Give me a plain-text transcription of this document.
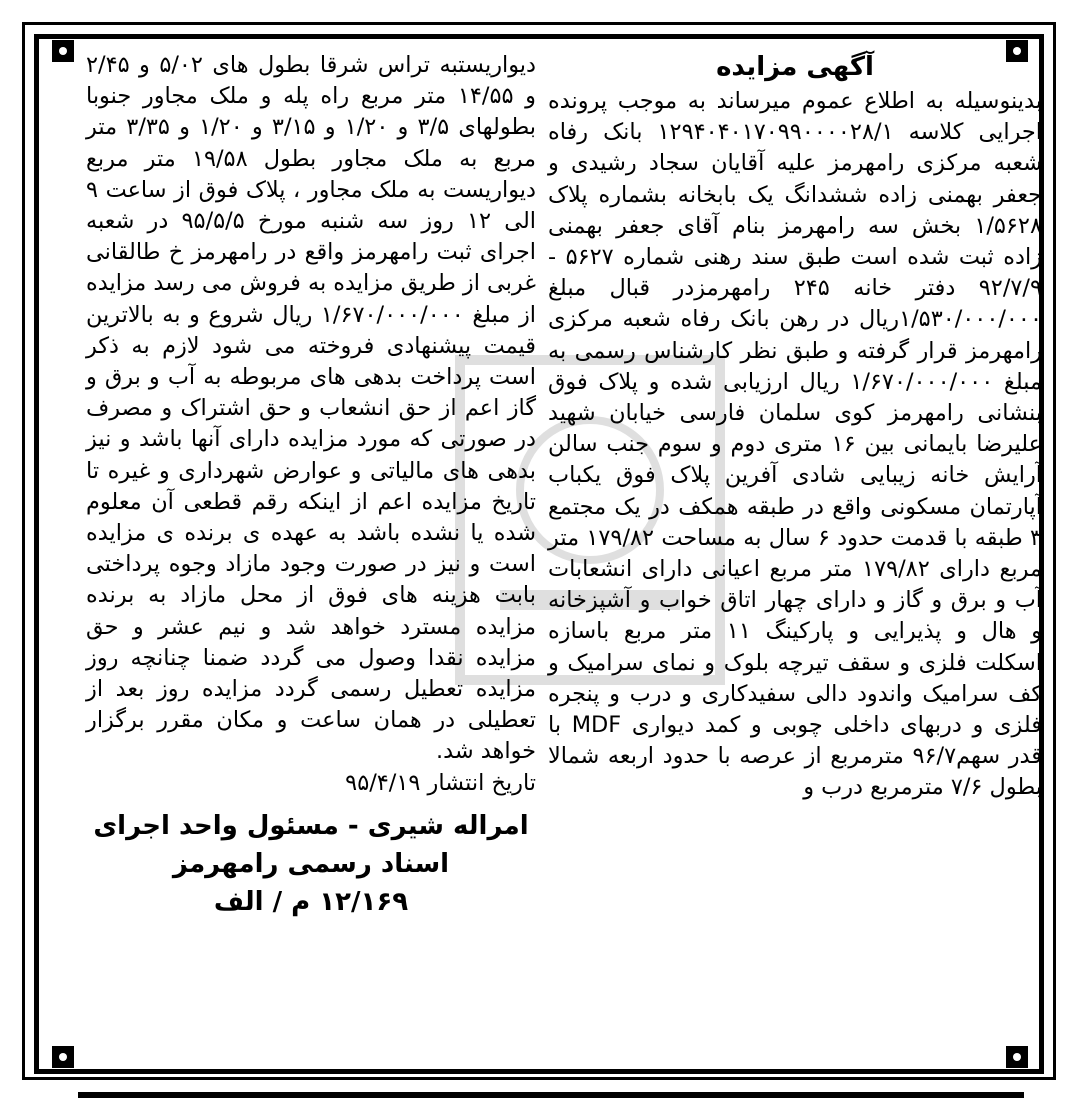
آگهی مزایده

بدینوسیله به اطلاع عموم میرساند به موجب پرونده اجرایی کلاسه ۱۲۹۴۰۴۰۱۷۰۹۹۰۰۰۰۲۸/۱ بانک رفاه شعبه مرکزی رامهرمز علیه آقایان سجاد رشیدی و جعفر بهمنی زاده ششدانگ یک بابخانه بشماره پلاک ۱/۵۶۲۸ بخش سه رامهرمز بنام آقای جعفر بهمنی زاده ثبت شده است طبق سند رهنی شماره ۵۶۲۷ - ۹۲/۷/۹ دفتر خانه ۲۴۵ رامهرمزدر قبال مبلغ ۱/۵۳۰/۰۰۰/۰۰۰ریال در رهن بانک رفاه شعبه مرکزی رامهرمز قرار گرفته و طبق نظر کارشناس رسمی به مبلغ ۱/۶۷۰/۰۰۰/۰۰۰ ریال ارزیابی شده و پلاک فوق بنشانی رامهرمز کوی سلمان فارسی خیابان شهید علیرضا بایمانی بین ۱۶ متری دوم و سوم جنب سالن آرایش خانه زیبایی شادی آفرین پلاک فوق یکباب آپارتمان مسکونی واقع در طبقه همکف در یک مجتمع ۳ طبقه با قدمت حدود ۶ سال به مساحت ۱۷۹/۸۲ متر مربع دارای ۱۷۹/۸۲ متر مربع اعیانی دارای انشعابات آب و برق و گاز و دارای چهار اتاق خواب و آشپزخانه و هال و پذیرایی و پارکینگ ۱۱ متر مربع باسازه اسکلت فلزی و سقف تیرچه بلوک و نمای سرامیک و کف سرامیک واندود دالی سفیدکاری و درب و پنجره فلزی و دربهای داخلی چوبی و کمد دیواری MDF با قدر سهم۹۶/۷ مترمربع از عرصه با حدود اربعه شمالا بطول ۷/۶ مترمربع درب و

دیواریستبه تراس شرقا بطول های ۵/۰۲ و ۲/۴۵ و ۱۴/۵۵ متر مربع راه پله و ملک مجاور جنوبا بطولهای ۳/۵ و ۱/۲۰ و ۳/۱۵ و ۱/۲۰ و ۳/۳۵ متر مربع به ملک مجاور بطول ۱۹/۵۸ متر مربع دیواریست به ملک مجاور ، پلاک فوق از ساعت ۹ الی ۱۲ روز سه شنبه مورخ ۹۵/۵/۵ در شعبه اجرای ثبت رامهرمز واقع در رامهرمز خ طالقانی غربی از طریق مزایده به فروش می رسد مزایده از مبلغ ۱/۶۷۰/۰۰۰/۰۰۰ ریال شروع و به بالاترین قیمت پیشنهادی فروخته می شود لازم به ذکر است پرداخت بدهی های مربوطه به آب و برق و گاز اعم از حق انشعاب و حق اشتراک و مصرف در صورتی که مورد مزایده دارای آنها باشد و نیز بدهی های مالیاتی و عوارض شهرداری و غیره تا تاریخ مزایده اعم از اینکه رقم قطعی آن معلوم شده یا نشده باشد به عهده ی برنده ی مزایده است و نیز در صورت وجود مازاد وجوه پرداختی بابت هزینه های فوق از محل مازاد به برنده مزایده مسترد خواهد شد و نیم عشر و حق مزایده نقدا وصول می گردد ضمنا چنانچه روز مزایده تعطیل رسمی گردد مزایده روز بعد از تعطیلی در همان ساعت و مکان مقرر برگزار خواهد شد.

تاریخ انتشار ۹۵/۴/۱۹

امراله شیری - مسئول واحد اجرای
اسناد رسمی رامهرمز
۱۲/۱۶۹ م / الف
